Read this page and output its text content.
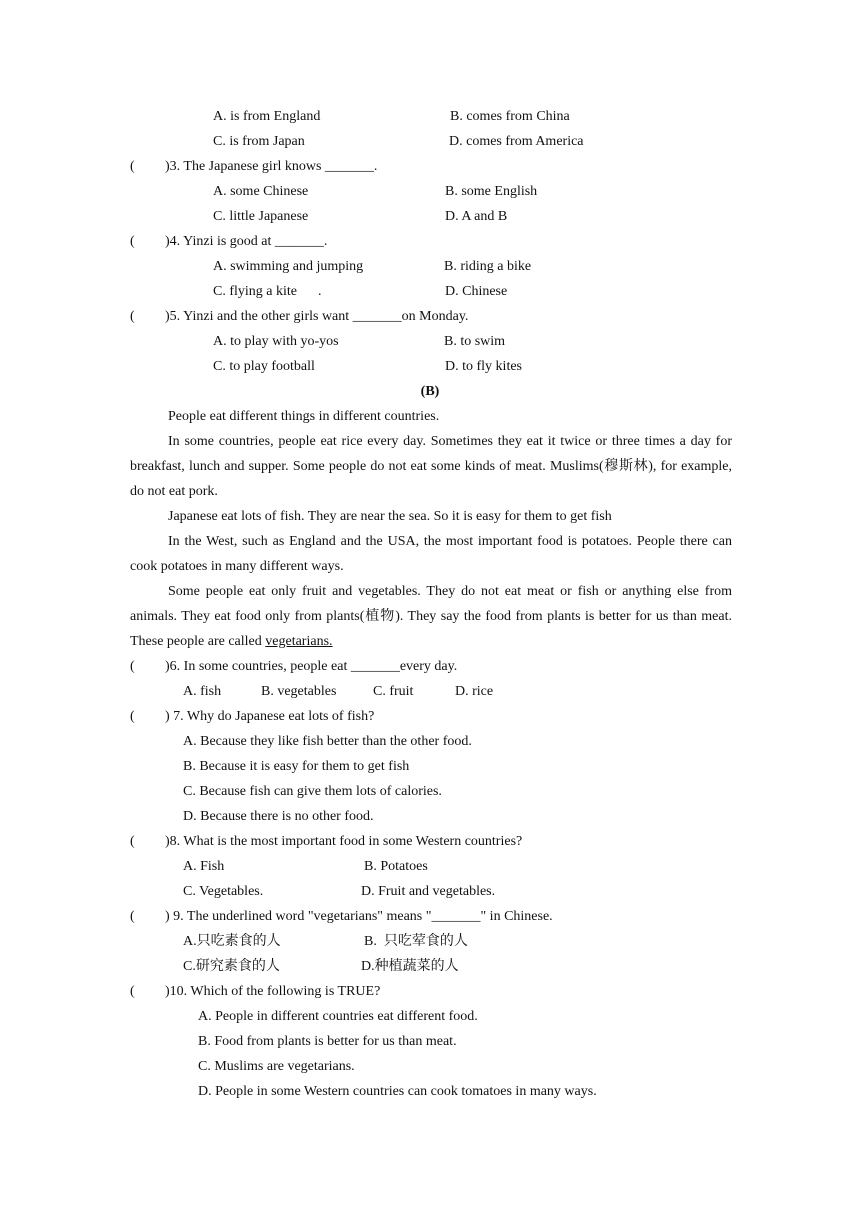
A. is from England	B. comes from China
C. is from Japan	D. comes from America
( )3. The Japanese girl knows _______.
A. some Chinese	B. some English
C. little Japanese	D. A and B
( )4. Yinzi is good at _______.
A. swimming and jumping	B. riding a bike
C. flying a kite      .	D. Chinese
( )5. Yinzi and the other girls want _______on Monday.
A. to play with yo-yos	B. to swim
C. to play football	D. to fly kites
(B)
People eat different things in different countries.
In some countries, people eat rice every day. Sometimes they eat it twice or three times a day for breakfast, lunch and supper. Some people do not eat some kinds of meat. Muslims(穆斯林), for example, do not eat pork.
Japanese eat lots of fish. They are near the sea. So it is easy for them to get fish
In the West, such as England and the USA, the most important food is potatoes. People there can cook potatoes in many different ways.
Some people eat only fruit and vegetables. They do not eat meat or fish or anything else from animals. They eat food only from plants(植物). They say the food from plants is better for us than meat. These people are called vegetarians.
( )6. In some countries, people eat _______every day.
A. fish	B. vegetables	C. fruit	D. rice
( ) 7. Why do Japanese eat lots of fish?
A. Because they like fish better than the other food.
B. Because it is easy for them to get fish
C. Because fish can give them lots of calories.
D. Because there is no other food.
( )8. What is the most important food in some Western countries?
A. Fish	B. Potatoes
C. Vegetables.	D. Fruit and vegetables.
( ) 9. The underlined word "vegetarians" means "_______" in Chinese.
A.只吃素食的人	B.  只吃荤食的人
C.研究素食的人	D.种植蔬菜的人
( )10. Which of the following is TRUE?
A. People in different countries eat different food.
B. Food from plants is better for us than meat.
C. Muslims are vegetarians.
D. People in some Western countries can cook tomatoes in many ways.
